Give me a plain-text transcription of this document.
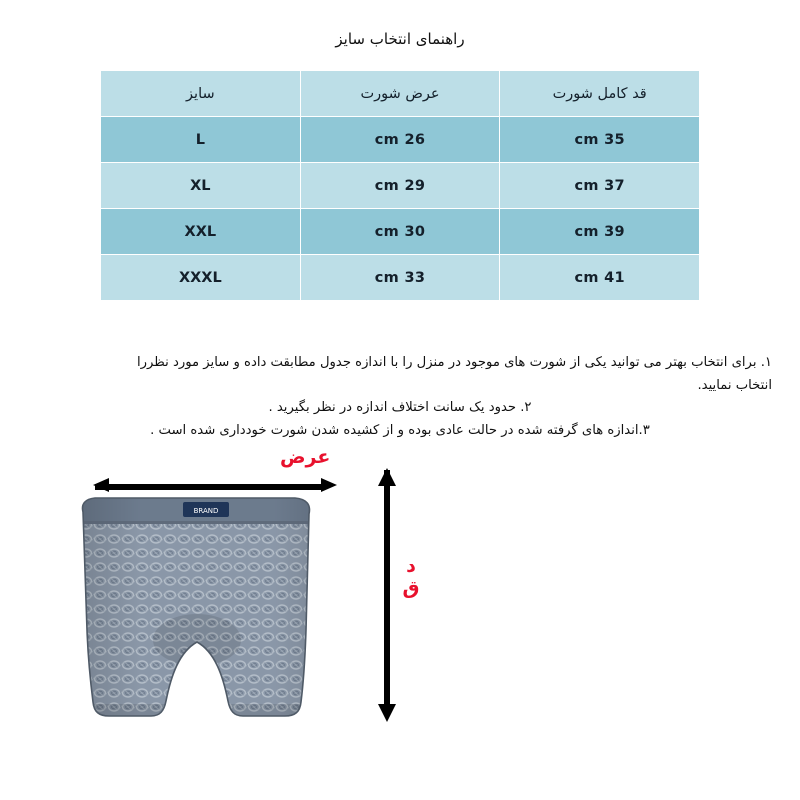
راهنمای انتخاب سایز
قد کامل شورت	عرض شورت	سایز
35 cm	26 cm	L
37 cm	29 cm	XL
39 cm	30 cm	XXL
41 cm	33 cm	XXXL
۱. برای انتخاب بهتر می توانید یکی از شورت های موجود در منزل را با اندازه جدول مطابقت داده و سایز مورد نظررا
انتخاب نمایید.
۲. حدود یک سانت اختلاف اندازه در نظر بگیرید .
۳.اندازه های گرفته شده در حالت عادی بوده و از کشیده شدن شورت خودداری شده است .
BRAND
عرض
قد
